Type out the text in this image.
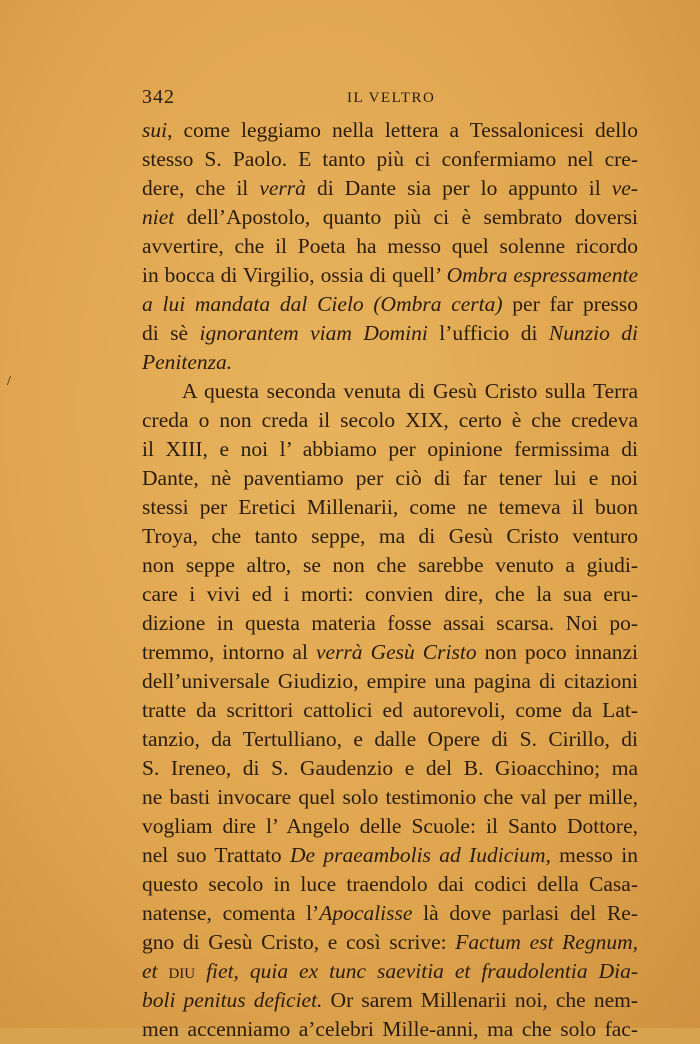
342	IL VELTRO
/
sui, come leggiamo nella lettera a Tessalonicesi dello
stesso S. Paolo. E tanto più ci confermiamo nel cre-
dere, che il verrà di Dante sia per lo appunto il ve-
niet dell’Apostolo, quanto più ci è sembrato doversi
avvertire, che il Poeta ha messo quel solenne ricordo
in bocca di Virgilio, ossia di quell’ Ombra espressamente
a lui mandata dal Cielo (Ombra certa) per far presso
di sè ignorantem viam Domini l’ufficio di Nunzio di
Penitenza.
A questa seconda venuta di Gesù Cristo sulla Terra
creda o non creda il secolo XIX, certo è che credeva
il XIII, e noi l’ abbiamo per opinione fermissima di
Dante, nè paventiamo per ciò di far tener lui e noi
stessi per Eretici Millenarii, come ne temeva il buon
Troya, che tanto seppe, ma di Gesù Cristo venturo
non seppe altro, se non che sarebbe venuto a giudi-
care i vivi ed i morti: convien dire, che la sua eru-
dizione in questa materia fosse assai scarsa. Noi po-
tremmo, intorno al verrà Gesù Cristo non poco innanzi
dell’universale Giudizio, empire una pagina di citazioni
tratte da scrittori cattolici ed autorevoli, come da Lat-
tanzio, da Tertulliano, e dalle Opere di S. Cirillo, di
S. Ireneo, di S. Gaudenzio e del B. Gioacchino; ma
ne basti invocare quel solo testimonio che val per mille,
vogliam dire l’ Angelo delle Scuole: il Santo Dottore,
nel suo Trattato De praeambolis ad Iudicium, messo in
questo secolo in luce traendolo dai codici della Casa-
natense, comenta l’Apocalisse là dove parlasi del Re-
gno di Gesù Cristo, e così scrive: Factum est Regnum,
et diu fiet, quia ex tunc saevitia et fraudolentia Dia-
boli penitus deficiet. Or sarem Millenarii noi, che nem-
men accenniamo a’celebri Mille-anni, ma che solo fac-
